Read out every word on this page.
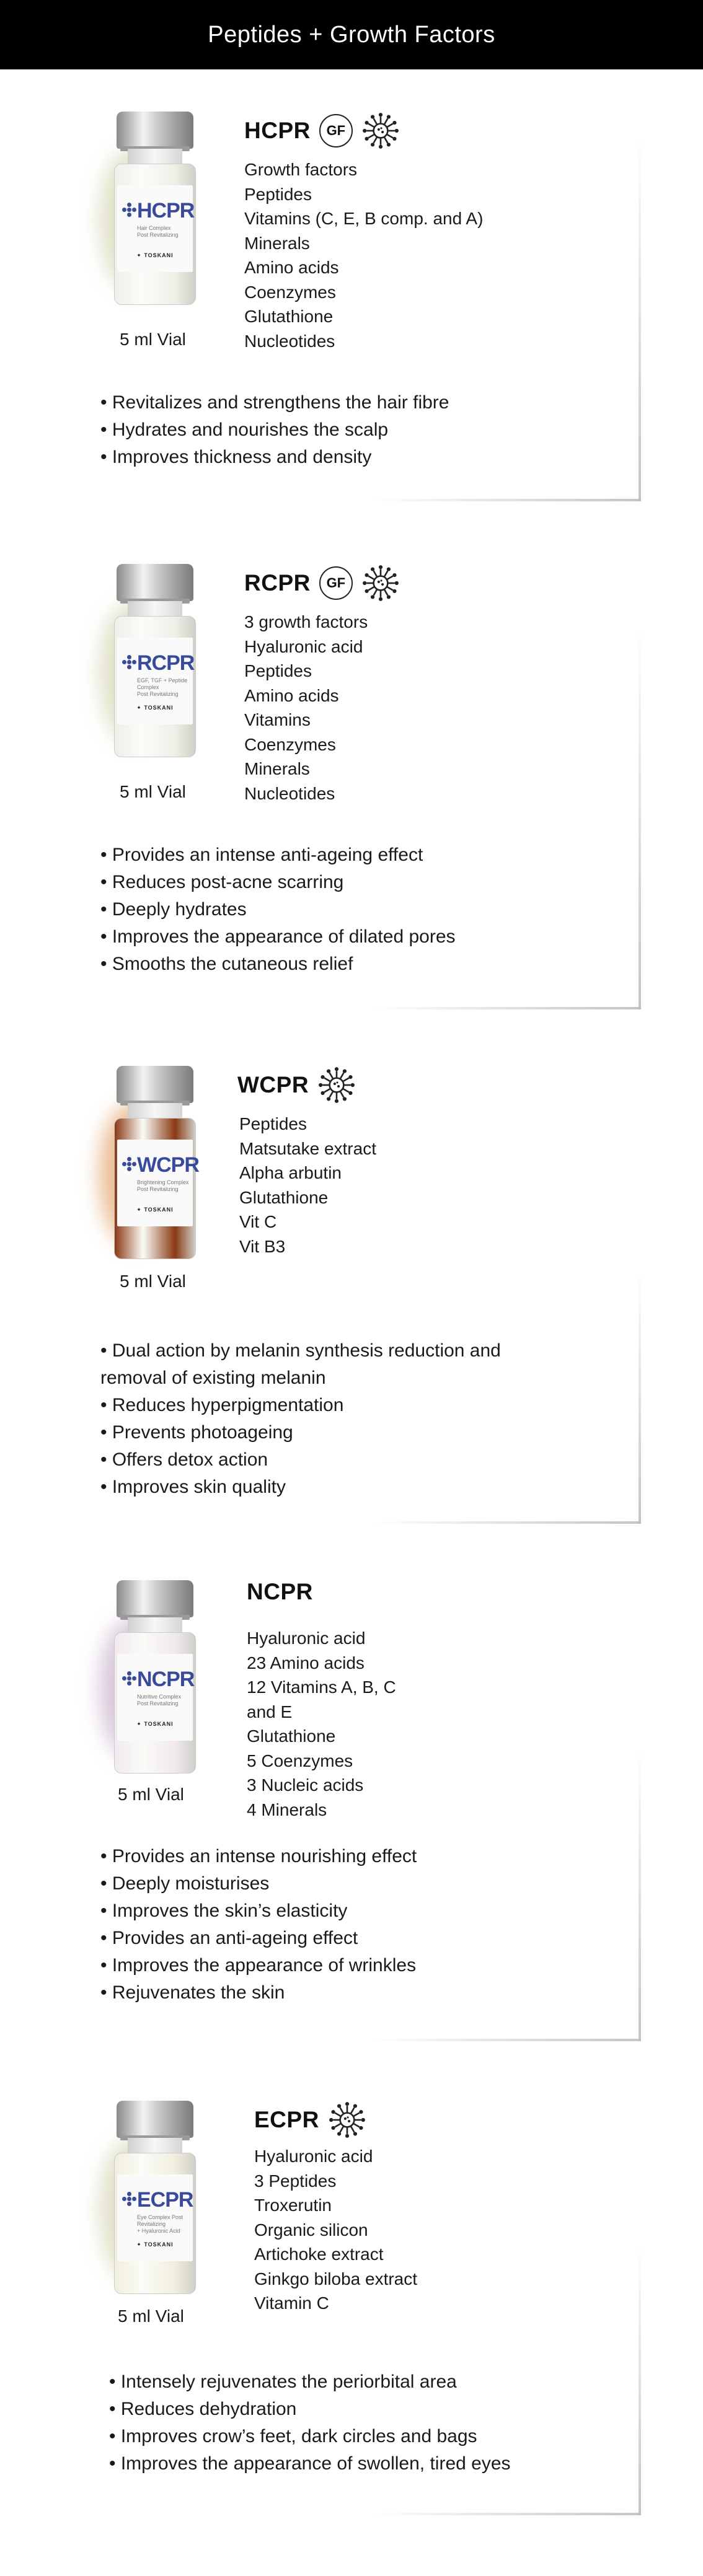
Peptides + Growth Factors
HCPR
Hair Complex
Post Revitalizing
✦ TOSKANI
5 ml Vial
HCPR	GF
Growth factors
Peptides
Vitamins (C, E, B comp. and A)
Minerals
Amino acids
Coenzymes
Glutathione
Nucleotides
• Revitalizes and strengthens the hair fibre
• Hydrates and nourishes the scalp
• Improves thickness and density
RCPR
EGF, TGF + Peptide Complex
Post Revitalizing
✦ TOSKANI
5 ml Vial
RCPR	GF
3 growth factors
Hyaluronic acid
Peptides
Amino acids
Vitamins
Coenzymes
Minerals
Nucleotides
• Provides an intense anti-ageing effect
• Reduces post-acne scarring
• Deeply hydrates
• Improves the appearance of dilated pores
• Smooths the cutaneous relief
WCPR
Brightening Complex
Post Revitalizing
✦ TOSKANI
5 ml Vial
WCPR
Peptides
Matsutake extract
Alpha arbutin
Glutathione
Vit C
Vit B3
• Dual action by melanin synthesis reduction and
removal of existing melanin
• Reduces hyperpigmentation
• Prevents photoageing
• Offers detox action
• Improves skin quality
NCPR
Nutritive Complex
Post Revitalizing
✦ TOSKANI
5 ml Vial
NCPR
Hyaluronic acid
23 Amino acids
12 Vitamins A, B, C
and E
Glutathione
5 Coenzymes
3 Nucleic acids
4 Minerals
• Provides an intense nourishing effect
• Deeply moisturises
• Improves the skin’s elasticity
• Provides an anti-ageing effect
• Improves the appearance of wrinkles
• Rejuvenates the skin
ECPR
Eye Complex Post Revitalizing
+ Hyaluronic Acid
✦ TOSKANI
5 ml Vial
ECPR
Hyaluronic acid
3 Peptides
Troxerutin
Organic silicon
Artichoke extract
Ginkgo biloba extract
Vitamin C
• Intensely rejuvenates the periorbital area
• Reduces dehydration
• Improves crow’s feet, dark circles and bags
• Improves the appearance of swollen, tired eyes
